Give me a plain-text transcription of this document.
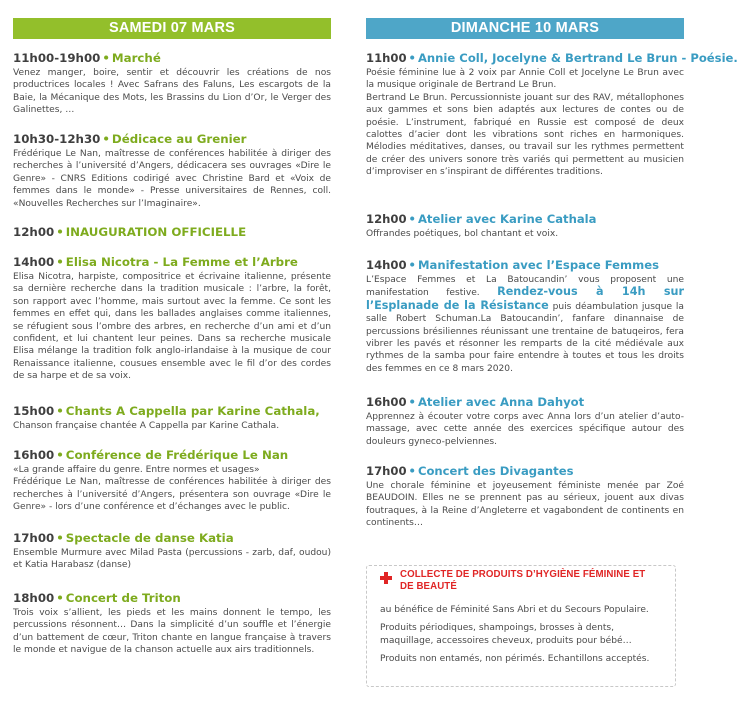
SAMEDI 07 MARS
11h00-19h00 • Marché

Venez manger, boire, sentir et découvrir les créations de nos productrices locales ! Avec Safrans des Faluns, Les escargots de la Baie, la Mécanique des Mots, les Brassins du Lion d’Or, le Verger des Galinettes, …

10h30-12h30 • Dédicace au Grenier

Frédérique Le Nan, maîtresse de conférences habilitée à diriger des recherches à l’université d’Angers, dédicacera ses ouvrages «Dire le Genre» - CNRS Editions codirigé avec Christine Bard et «Voix de femmes dans le monde» - Presse universitaires de Rennes, coll. «Nouvelles Recherches sur l’Imaginaire».

12h00 • INAUGURATION OFFICIELLE
14h00 • Elisa Nicotra - La Femme et l’Arbre

Elisa Nicotra, harpiste, compositrice et écrivaine italienne, présente sa dernière recherche dans la tradition musicale : l’arbre, la forêt, son rapport avec l’homme, mais surtout avec la femme. Ce sont les femmes en effet qui, dans les ballades anglaises comme italiennes, se réfugient sous l’ombre des arbres, en recherche d’un ami et d’un confident, et lui chantent leur peines. Dans sa recherche musicale Elisa mélange la tradition folk anglo-irlandaise à la musique de cour Renaissance italienne, cousues ensemble avec le fil d’or des cordes de sa harpe et de sa voix.

15h00 • Chants A Cappella par Karine Cathala,

Chanson française chantée A Cappella par Karine Cathala.

16h00 • Conférence de Frédérique Le Nan

«La grande affaire du genre. Entre normes et usages»

Frédérique Le Nan, maîtresse de conférences habilitée à diriger des recherches à l’université d’Angers, présentera son ouvrage «Dire le Genre» - lors d’une conférence et d’échanges avec le public.

17h00 • Spectacle de danse Katia

Ensemble Murmure avec Milad Pasta (percussions - zarb, daf, oudou) et Katia Harabasz (danse)

18h00 • Concert de Triton

Trois voix s’allient, les pieds et les mains donnent le tempo, les percussions résonnent… Dans la simplicité d’un souffle et l’énergie d’un battement de cœur, Triton chante en langue française à travers le monde et navigue de la chanson actuelle aux airs traditionnels.

DIMANCHE 10 MARS
11h00 • Annie Coll, Jocelyne & Bertrand Le Brun - Poésie.

Poésie féminine lue à 2 voix par Annie Coll et Jocelyne Le Brun avec la musique originale de Bertrand Le Brun.

Bertrand Le Brun. Percussionniste jouant sur des RAV, métallophones aux gammes et sons bien adaptés aux lectures de contes ou de poésie. L’instrument, fabriqué en Russie est composé de deux calottes d’acier dont les vibrations sont riches en harmoniques. Mélodies méditatives, danses, ou travail sur les rythmes permettent de créer des univers sonore très variés qui permettent au musicien d’improviser en s’inspirant de différentes traditions.

12h00 • Atelier avec Karine Cathala

Offrandes poétiques, bol chantant et voix.

14h00 • Manifestation avec l’Espace Femmes

L’Espace Femmes et La Batoucandin’ vous proposent une manifestation festive. Rendez-vous à 14h sur l’Esplanade de la Résistance puis déambulation jusque la salle Robert Schuman.La Batoucandin’, fanfare dinannaise de percussions brésiliennes réunissant une trentaine de batuqeiros, fera vibrer les pavés et résonner les remparts de la cité médiévale aux rythmes de la samba pour faire entendre à toutes et tous les droits des femmes en ce 8 mars 2020.

16h00 • Atelier avec Anna Dahyot

Apprennez à écouter votre corps avec Anna lors d’un atelier d’auto-massage, avec cette année des exercices spécifique autour des douleurs gyneco-pelviennes.

17h00 • Concert des Divagantes

Une chorale féminine et joyeusement féministe menée par Zoé BEAUDOIN. Elles ne se prennent pas au sérieux, jouent aux divas foutraques, à la Reine d’Angleterre et vagabondent de continents en continents…

COLLECTE DE PRODUITS D’HYGIÈNE FÉMININE ET DE BEAUTÉ

au bénéfice de Féminité Sans Abri et du Secours Populaire.

Produits périodiques, shampoings, brosses à dents, maquillage, accessoires cheveux, produits pour bébé…

Produits non entamés, non périmés. Echantillons acceptés.
